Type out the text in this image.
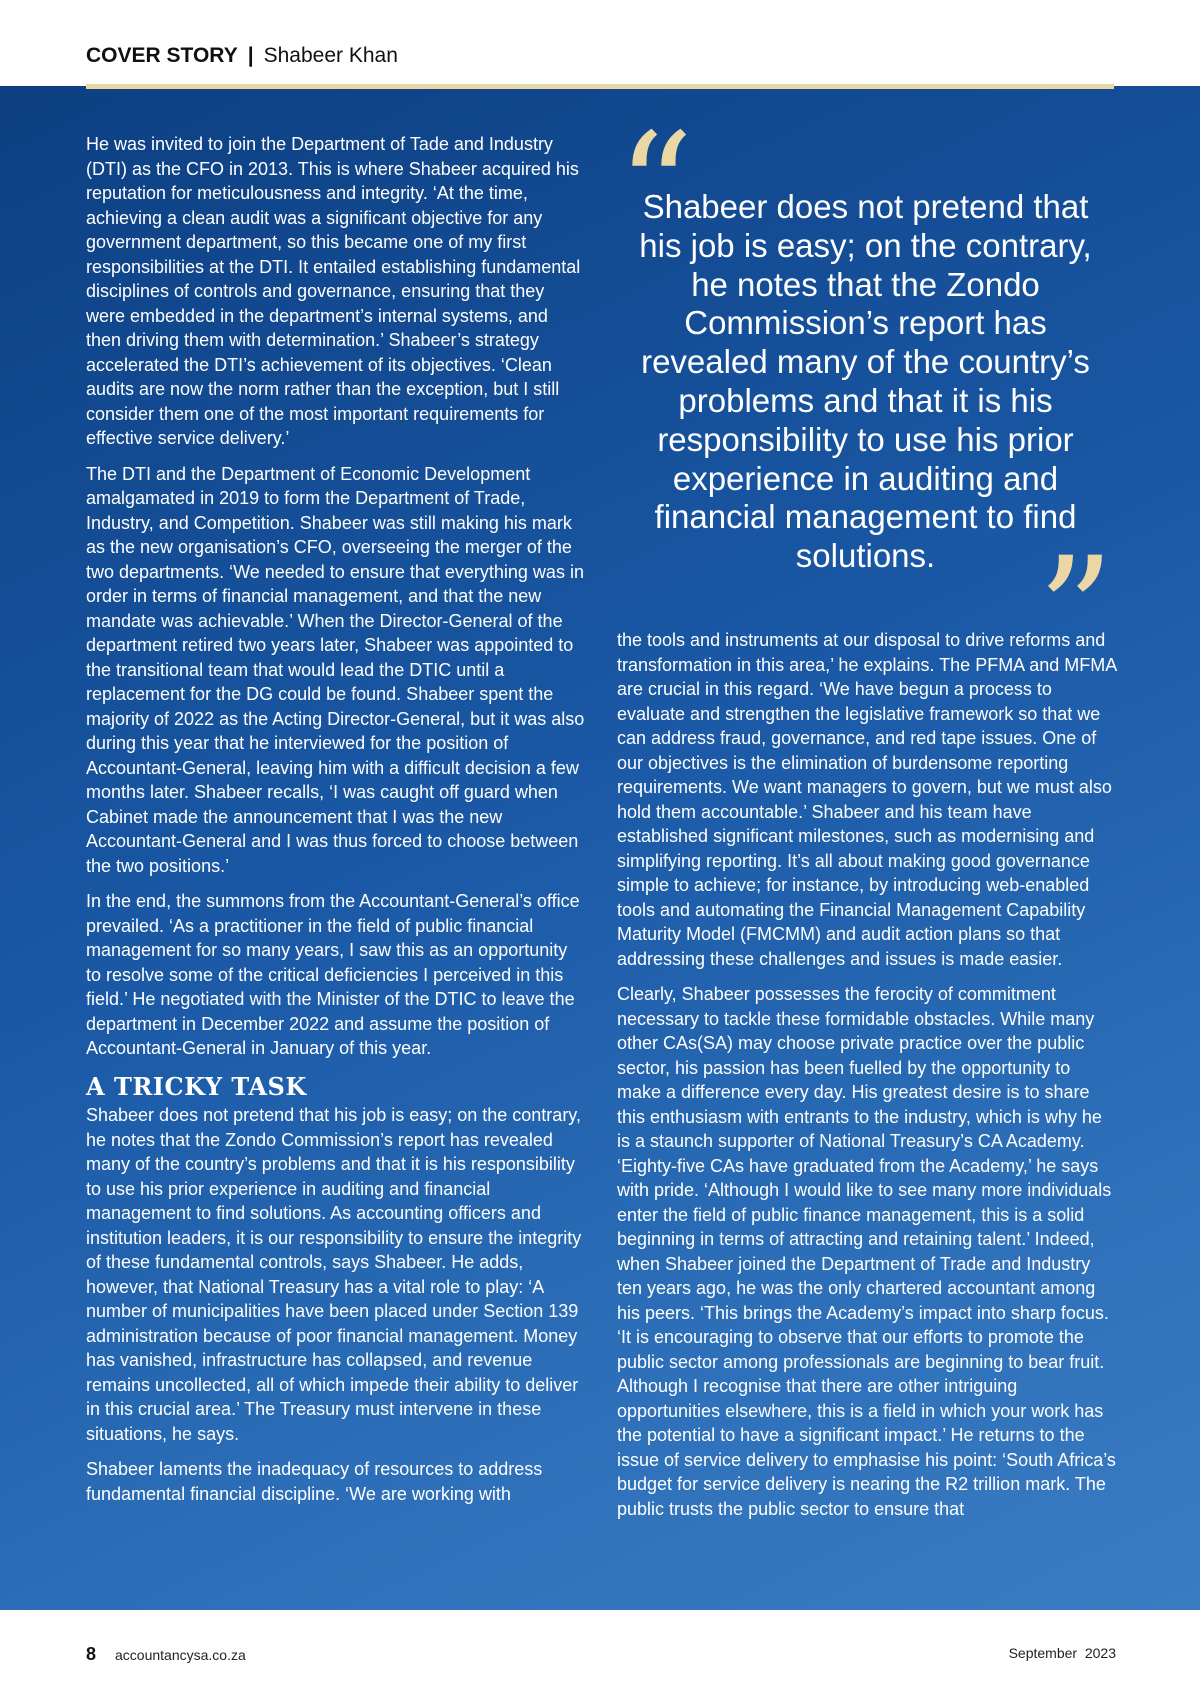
COVER STORY | Shabeer Khan

He was invited to join the Department of Tade and Industry (DTI) as the CFO in 2013. This is where Shabeer acquired his reputation for meticulousness and integrity. ‘At the time, achieving a clean audit was a significant objective for any government department, so this became one of my first responsibilities at the DTI. It entailed establishing fundamental disciplines of controls and governance, ensuring that they were embedded in the department’s internal systems, and then driving them with determination.’ Shabeer’s strategy accelerated the DTI’s achievement of its objectives. ‘Clean audits are now the norm rather than the exception, but I still consider them one of the most important requirements for effective service delivery.’

The DTI and the Department of Economic Development amalgamated in 2019 to form the Department of Trade, Industry, and Competition. Shabeer was still making his mark as the new organisation’s CFO, overseeing the merger of the two departments. ‘We needed to ensure that everything was in order in terms of financial management, and that the new mandate was achievable.’ When the Director-General of the department retired two years later, Shabeer was appointed to the transitional team that would lead the DTIC until a replacement for the DG could be found. Shabeer spent the majority of 2022 as the Acting Director-General, but it was also during this year that he interviewed for the position of Accountant-General, leaving him with a difficult decision a few months later. Shabeer recalls, ‘I was caught off guard when Cabinet made the announcement that I was the new Accountant-General and I was thus forced to choose between the two positions.’

In the end, the summons from the Accountant-General’s office prevailed. ‘As a practitioner in the field of public financial management for so many years, I saw this as an opportunity to resolve some of the critical deficiencies I perceived in this field.’ He negotiated with the Minister of the DTIC to leave the department in December 2022 and assume the position of Accountant-General in January of this year.

A TRICKY TASK

Shabeer does not pretend that his job is easy; on the contrary, he notes that the Zondo Commission’s report has revealed many of the country’s problems and that it is his responsibility to use his prior experience in auditing and financial management to find solutions. As accounting officers and institution leaders, it is our responsibility to ensure the integrity of these fundamental controls, says Shabeer. He adds, however, that National Treasury has a vital role to play: ‘A number of municipalities have been placed under Section 139 administration because of poor financial management. Money has vanished, infrastructure has collapsed, and revenue remains uncollected, all of which impede their ability to deliver in this crucial area.’ The Treasury must intervene in these situations, he says.

Shabeer laments the inadequacy of resources to address fundamental financial discipline. ‘We are working with

Shabeer does not pretend that his job is easy; on the contrary, he notes that the Zondo Commission’s report has revealed many of the country’s problems and that it is his responsibility to use his prior experience in auditing and financial management to find solutions.

the tools and instruments at our disposal to drive reforms and transformation in this area,’ he explains. The PFMA and MFMA are crucial in this regard. ‘We have begun a process to evaluate and strengthen the legislative framework so that we can address fraud, governance, and red tape issues. One of our objectives is the elimination of burdensome reporting requirements. We want managers to govern, but we must also hold them accountable.’ Shabeer and his team have established significant milestones, such as modernising and simplifying reporting. It’s all about making good governance simple to achieve; for instance, by introducing web-enabled tools and automating the Financial Management Capability Maturity Model (FMCMM) and audit action plans so that addressing these challenges and issues is made easier.

Clearly, Shabeer possesses the ferocity of commitment necessary to tackle these formidable obstacles. While many other CAs(SA) may choose private practice over the public sector, his passion has been fuelled by the opportunity to make a difference every day. His greatest desire is to share this enthusiasm with entrants to the industry, which is why he is a staunch supporter of National Treasury’s CA Academy. ‘Eighty-five CAs have graduated from the Academy,’ he says with pride. ‘Although I would like to see many more individuals enter the field of public finance management, this is a solid beginning in terms of attracting and retaining talent.’ Indeed, when Shabeer joined the Department of Trade and Industry ten years ago, he was the only chartered accountant among his peers. ‘This brings the Academy’s impact into sharp focus. ‘It is encouraging to observe that our efforts to promote the public sector among professionals are beginning to bear fruit. Although I recognise that there are other intriguing opportunities elsewhere, this is a field in which your work has the potential to have a significant impact.’ He returns to the issue of service delivery to emphasise his point: ‘South Africa’s budget for service delivery is nearing the R2 trillion mark. The public trusts the public sector to ensure that

8 accountancysa.co.za	September  2023
